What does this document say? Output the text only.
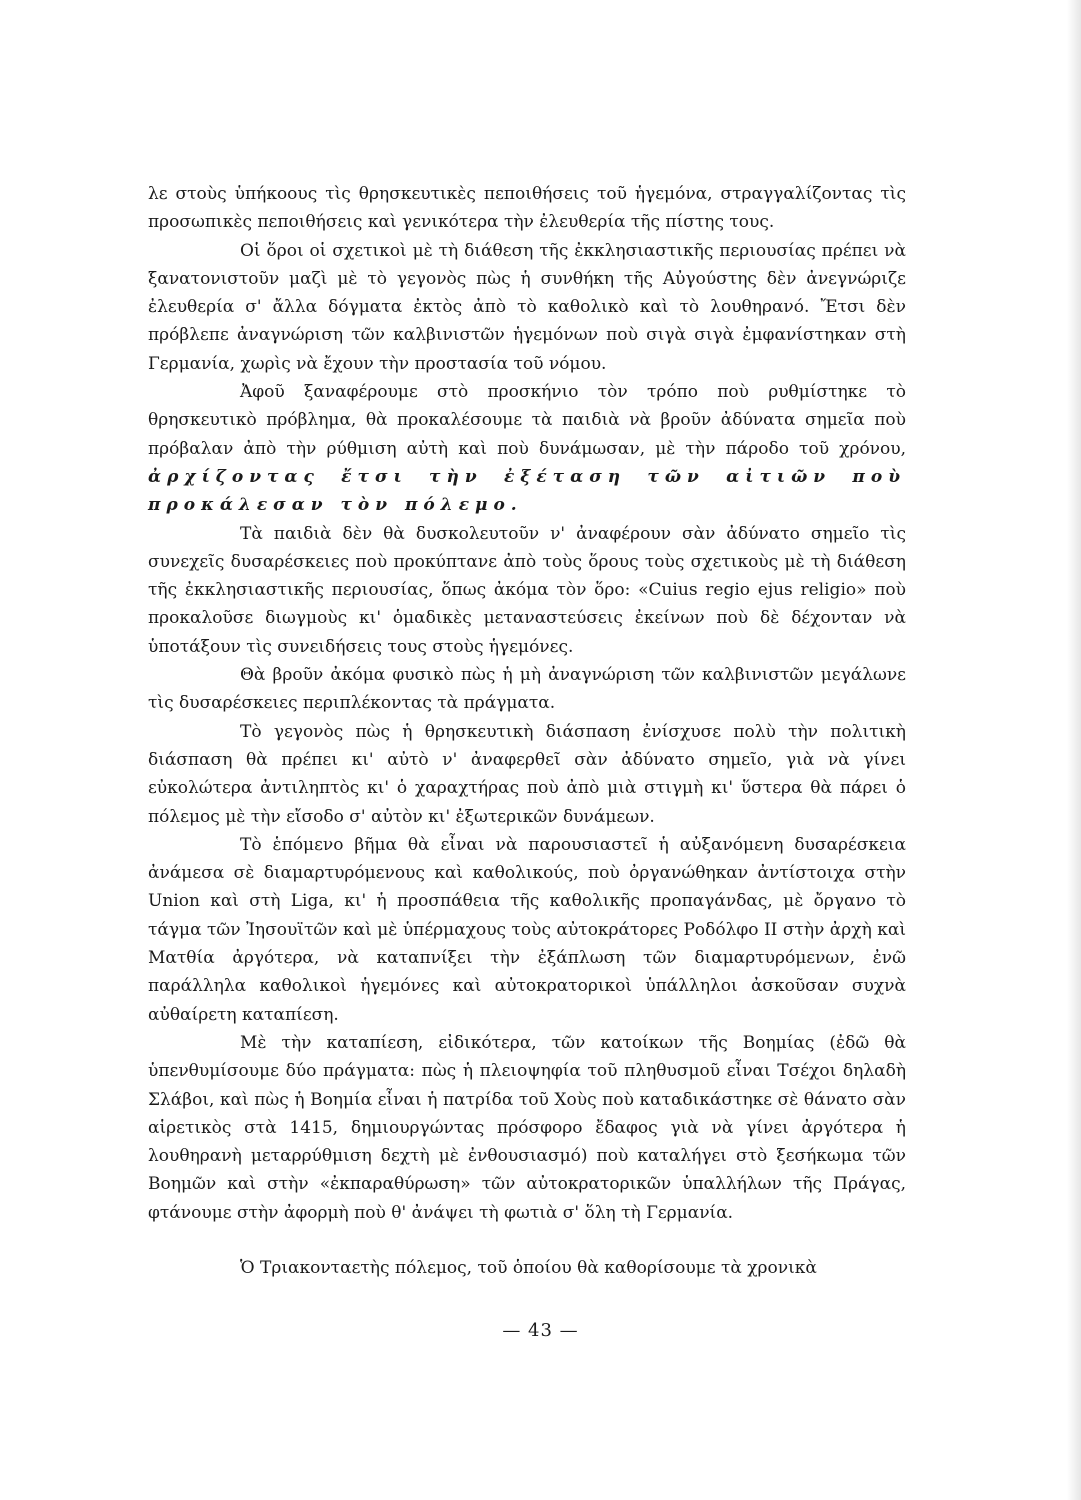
λε στοὺς ὑπήκοους τὶς θρησκευτικὲς πεποιθήσεις τοῦ ἡγεμόνα, στραγγαλίζοντας τὶς προσωπικὲς πεποιθήσεις καὶ γενικότερα τὴν ἐλευθερία τῆς πίστης τους.

Οἱ ὅροι οἱ σχετικοὶ μὲ τὴ διάθεση τῆς ἐκκλησιαστικῆς περιουσίας πρέπει νὰ ξανατονιστοῦν μαζὶ μὲ τὸ γεγονὸς πὼς ἡ συνθήκη τῆς Αὐγούστης δὲν ἀνεγνώριζε ἐλευθερία σ' ἄλλα δόγματα ἐκτὸς ἀπὸ τὸ καθολικὸ καὶ τὸ λουθηρανό. Ἔτσι δὲν πρόβλεπε ἀναγνώριση τῶν καλβινιστῶν ἡγεμόνων ποὺ σιγὰ σιγὰ ἐμφανίστηκαν στὴ Γερμανία, χωρὶς νὰ ἔχουν τὴν προστασία τοῦ νόμου.

Ἀφοῦ ξαναφέρουμε στὸ προσκήνιο τὸν τρόπο ποὺ ρυθμίστηκε τὸ θρησκευτικὸ πρόβλημα, θὰ προκαλέσουμε τὰ παιδιὰ νὰ βροῦν ἀδύνατα σημεῖα ποὺ πρόβαλαν ἀπὸ τὴν ρύθμιση αὐτὴ καὶ ποὺ δυνάμωσαν, μὲ τὴν πάροδο τοῦ χρόνου, ἀρχίζοντας ἔτσι τὴν ἐξέταση τῶν αἰτιῶν ποὺ προκάλεσαν τὸν πόλεμο.

Τὰ παιδιὰ δὲν θὰ δυσκολευτοῦν ν' ἀναφέρουν σὰν ἀδύνατο σημεῖο τὶς συνεχεῖς δυσαρέσκειες ποὺ προκύπτανε ἀπὸ τοὺς ὅρους τοὺς σχετικοὺς μὲ τὴ διάθεση τῆς ἐκκλησιαστικῆς περιουσίας, ὅπως ἀκόμα τὸν ὅρο: «Cuius regio ejus religio» ποὺ προκαλοῦσε διωγμοὺς κι' ὁμαδικὲς μεταναστεύσεις ἐκείνων ποὺ δὲ δέχονταν νὰ ὑποτάξουν τὶς συνειδήσεις τους στοὺς ἡγεμόνες.

Θὰ βροῦν ἀκόμα φυσικὸ πὼς ἡ μὴ ἀναγνώριση τῶν καλβινιστῶν μεγάλωνε τὶς δυσαρέσκειες περιπλέκοντας τὰ πράγματα.

Τὸ γεγονὸς πὼς ἡ θρησκευτικὴ διάσπαση ἐνίσχυσε πολὺ τὴν πολιτικὴ διάσπαση θὰ πρέπει κι' αὐτὸ ν' ἀναφερθεῖ σὰν ἀδύνατο σημεῖο, γιὰ νὰ γίνει εὐκολώτερα ἀντιληπτὸς κι' ὁ χαραχτήρας ποὺ ἀπὸ μιὰ στιγμὴ κι' ὕστερα θὰ πάρει ὁ πόλεμος μὲ τὴν εἴσοδο σ' αὐτὸν κι' ἐξωτερικῶν δυνάμεων.

Τὸ ἑπόμενο βῆμα θὰ εἶναι νὰ παρουσιαστεῖ ἡ αὐξανόμενη δυσαρέσκεια ἀνάμεσα σὲ διαμαρτυρόμενους καὶ καθολικούς, ποὺ ὀργανώθηκαν ἀντίστοιχα στὴν Union καὶ στὴ Liga, κι' ἡ προσπάθεια τῆς καθολικῆς προπαγάνδας, μὲ ὄργανο τὸ τάγμα τῶν Ἰησουϊτῶν καὶ μὲ ὑπέρμαχους τοὺς αὐτοκράτορες Ροδόλφο II στὴν ἀρχὴ καὶ Ματθία ἀργότερα, νὰ καταπνίξει τὴν ἐξάπλωση τῶν διαμαρτυρόμενων, ἐνῶ παράλληλα καθολικοὶ ἡγεμόνες καὶ αὐτοκρατορικοὶ ὑπάλληλοι ἀσκοῦσαν συχνὰ αὐθαίρετη καταπίεση.

Μὲ τὴν καταπίεση, εἰδικότερα, τῶν κατοίκων τῆς Βοημίας (ἐδῶ θὰ ὑπενθυμίσουμε δύο πράγματα: πὼς ἡ πλειοψηφία τοῦ πληθυσμοῦ εἶναι Τσέχοι δηλαδὴ Σλάβοι, καὶ πὼς ἡ Βοημία εἶναι ἡ πατρίδα τοῦ Χοὺς ποὺ καταδικάστηκε σὲ θάνατο σὰν αἱρετικὸς στὰ 1415, δημιουργώντας πρόσφορο ἔδαφος γιὰ νὰ γίνει ἀργότερα ἡ λουθηρανὴ μεταρρύθμιση δεχτὴ μὲ ἐνθουσιασμό) ποὺ καταλήγει στὸ ξεσήκωμα τῶν Βοημῶν καὶ στὴν «ἐκπαραθύρωση» τῶν αὐτοκρατορικῶν ὑπαλλήλων τῆς Πράγας, φτάνουμε στὴν ἀφορμὴ ποὺ θ' ἀνάψει τὴ φωτιὰ σ' ὅλη τὴ Γερμανία.

Ὁ Τριακονταετὴς πόλεμος, τοῦ ὁποίου θὰ καθορίσουμε τὰ χρονικὰ

— 43 —
